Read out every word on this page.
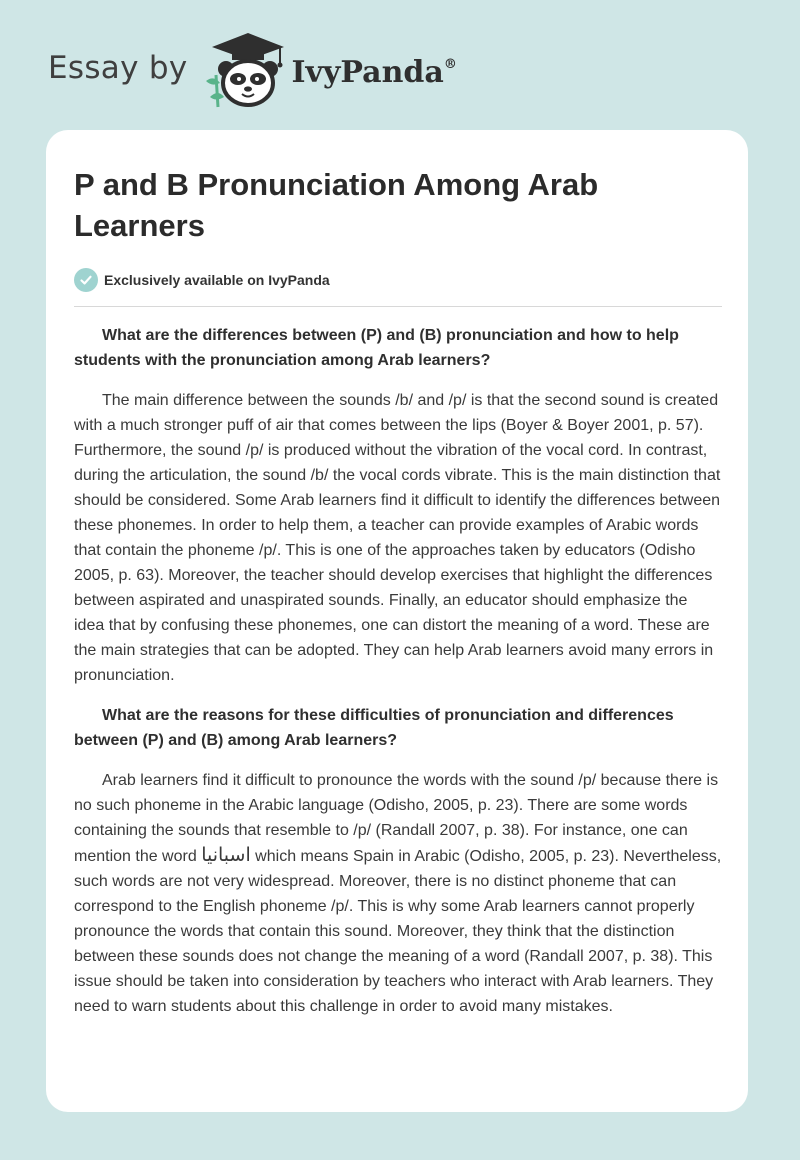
Essay by	IvyPanda®
P and B Pronunciation Among Arab Learners
Exclusively available on IvyPanda

What are the differences between (P) and (B) pronunciation and how to help students with the pronunciation among Arab learners?

The main difference between the sounds /b/ and /p/ is that the second sound is created with a much stronger puff of air that comes between the lips (Boyer & Boyer 2001, p. 57). Furthermore, the sound /p/ is produced without the vibration of the vocal cord. In contrast, during the articulation, the sound /b/ the vocal cords vibrate. This is the main distinction that should be considered. Some Arab learners find it difficult to identify the differences between these phonemes. In order to help them, a teacher can provide examples of Arabic words that contain the phoneme /p/. This is one of the approaches taken by educators (Odisho 2005, p. 63). Moreover, the teacher should develop exercises that highlight the differences between aspirated and unaspirated sounds. Finally, an educator should emphasize the idea that by confusing these phonemes, one can distort the meaning of a word. These are the main strategies that can be adopted. They can help Arab learners avoid many errors in pronunciation.

What are the reasons for these difficulties of pronunciation and differences between (P) and (B) among Arab learners?

Arab learners find it difficult to pronounce the words with the sound /p/ because there is no such phoneme in the Arabic language (Odisho, 2005, p. 23). There are some words containing the sounds that resemble to /p/ (Randall 2007, p. 38). For instance, one can mention the word اسبانيا which means Spain in Arabic (Odisho, 2005, p. 23). Nevertheless, such words are not very widespread. Moreover, there is no distinct phoneme that can correspond to the English phoneme /p/. This is why some Arab learners cannot properly pronounce the words that contain this sound. Moreover, they think that the distinction between these sounds does not change the meaning of a word (Randall 2007, p. 38). This issue should be taken into consideration by teachers who interact with Arab learners. They need to warn students about this challenge in order to avoid many mistakes.
